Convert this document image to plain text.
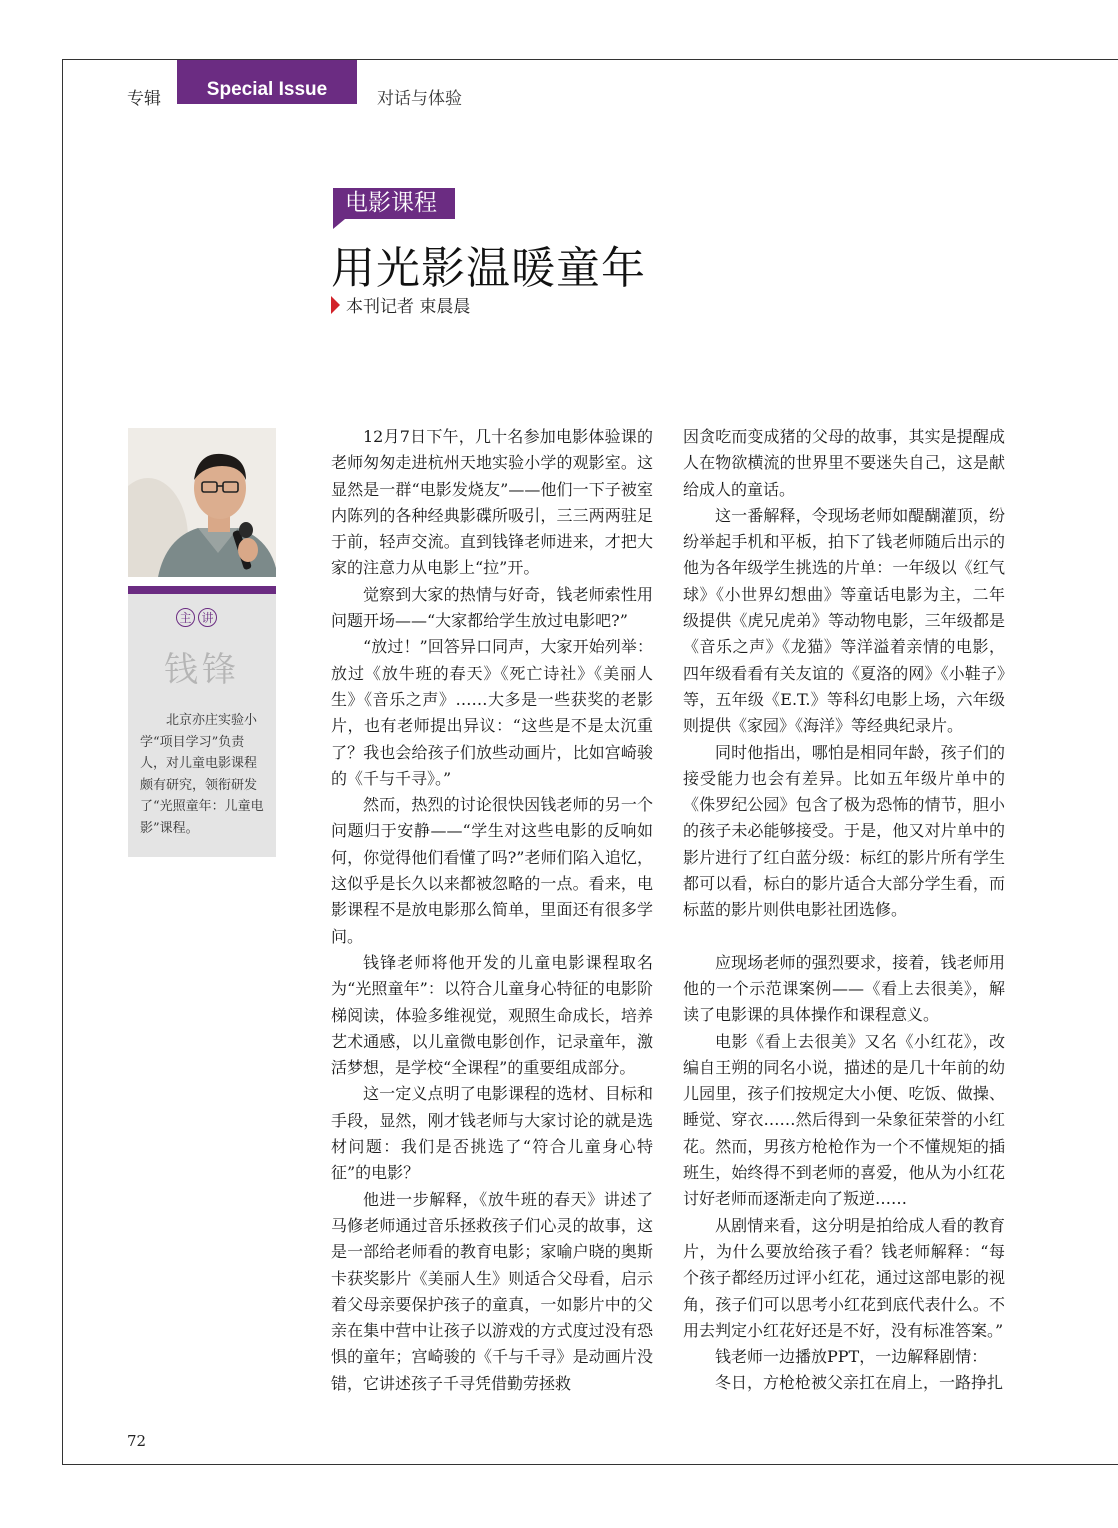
专辑 Special Issue	对话与体验
电影课程
用光影温暖童年
本刊记者 束晨晨
主 讲
钱锋

北京亦庄实验小学“项目学习”负责人，对儿童电影课程颇有研究，领衔研发了“光照童年：儿童电影”课程。

12月7日下午，几十名参加电影体验课的老师匆匆走进杭州天地实验小学的观影室。这显然是一群“电影发烧友”——他们一下子被室内陈列的各种经典影碟所吸引，三三两两驻足于前，轻声交流。直到钱锋老师进来，才把大家的注意力从电影上“拉”开。

觉察到大家的热情与好奇，钱老师索性用问题开场——“大家都给学生放过电影吧?”

“放过！”回答异口同声，大家开始列举：放过《放牛班的春天》《死亡诗社》《美丽人生》《音乐之声》……大多是一些获奖的老影片，也有老师提出异议：“这些是不是太沉重了？我也会给孩子们放些动画片，比如宫崎骏的《千与千寻》。”

然而，热烈的讨论很快因钱老师的另一个问题归于安静——“学生对这些电影的反响如何，你觉得他们看懂了吗?”老师们陷入追忆，这似乎是长久以来都被忽略的一点。看来，电影课程不是放电影那么简单，里面还有很多学问。

钱锋老师将他开发的儿童电影课程取名为“光照童年”：以符合儿童身心特征的电影阶梯阅读，体验多维视觉，观照生命成长，培养艺术通感，以儿童微电影创作，记录童年，激活梦想，是学校“全课程”的重要组成部分。

这一定义点明了电影课程的选材、目标和手段，显然，刚才钱老师与大家讨论的就是选材问题：我们是否挑选了“符合儿童身心特征”的电影？

他进一步解释，《放牛班的春天》讲述了马修老师通过音乐拯救孩子们心灵的故事，这是一部给老师看的教育电影；家喻户晓的奥斯卡获奖影片《美丽人生》则适合父母看，启示着父母亲要保护孩子的童真，一如影片中的父亲在集中营中让孩子以游戏的方式度过没有恐惧的童年；宫崎骏的《千与千寻》是动画片没错，它讲述孩子千寻凭借勤劳拯救

因贪吃而变成猪的父母的故事，其实是提醒成人在物欲横流的世界里不要迷失自己，这是献给成人的童话。

这一番解释，令现场老师如醍醐灌顶，纷纷举起手机和平板，拍下了钱老师随后出示的他为各年级学生挑选的片单：一年级以《红气球》《小世界幻想曲》等童话电影为主，二年级提供《虎兄虎弟》等动物电影，三年级都是《音乐之声》《龙猫》等洋溢着亲情的电影，四年级看看有关友谊的《夏洛的网》《小鞋子》等，五年级《E.T.》等科幻电影上场，六年级则提供《家园》《海洋》等经典纪录片。

同时他指出，哪怕是相同年龄，孩子们的接受能力也会有差异。比如五年级片单中的《侏罗纪公园》包含了极为恐怖的情节，胆小的孩子未必能够接受。于是，他又对片单中的影片进行了红白蓝分级：标红的影片所有学生都可以看，标白的影片适合大部分学生看，而标蓝的影片则供电影社团选修。

应现场老师的强烈要求，接着，钱老师用他的一个示范课案例——《看上去很美》，解读了电影课的具体操作和课程意义。

电影《看上去很美》又名《小红花》，改编自王朔的同名小说，描述的是几十年前的幼儿园里，孩子们按规定大小便、吃饭、做操、睡觉、穿衣……然后得到一朵象征荣誉的小红花。然而，男孩方枪枪作为一个不懂规矩的插班生，始终得不到老师的喜爱，他从为小红花讨好老师而逐渐走向了叛逆……

从剧情来看，这分明是拍给成人看的教育片，为什么要放给孩子看？钱老师解释：“每个孩子都经历过评小红花，通过这部电影的视角，孩子们可以思考小红花到底代表什么。不用去判定小红花好还是不好，没有标准答案。”

钱老师一边播放PPT，一边解释剧情：

冬日，方枪枪被父亲扛在肩上，一路挣扎

72
